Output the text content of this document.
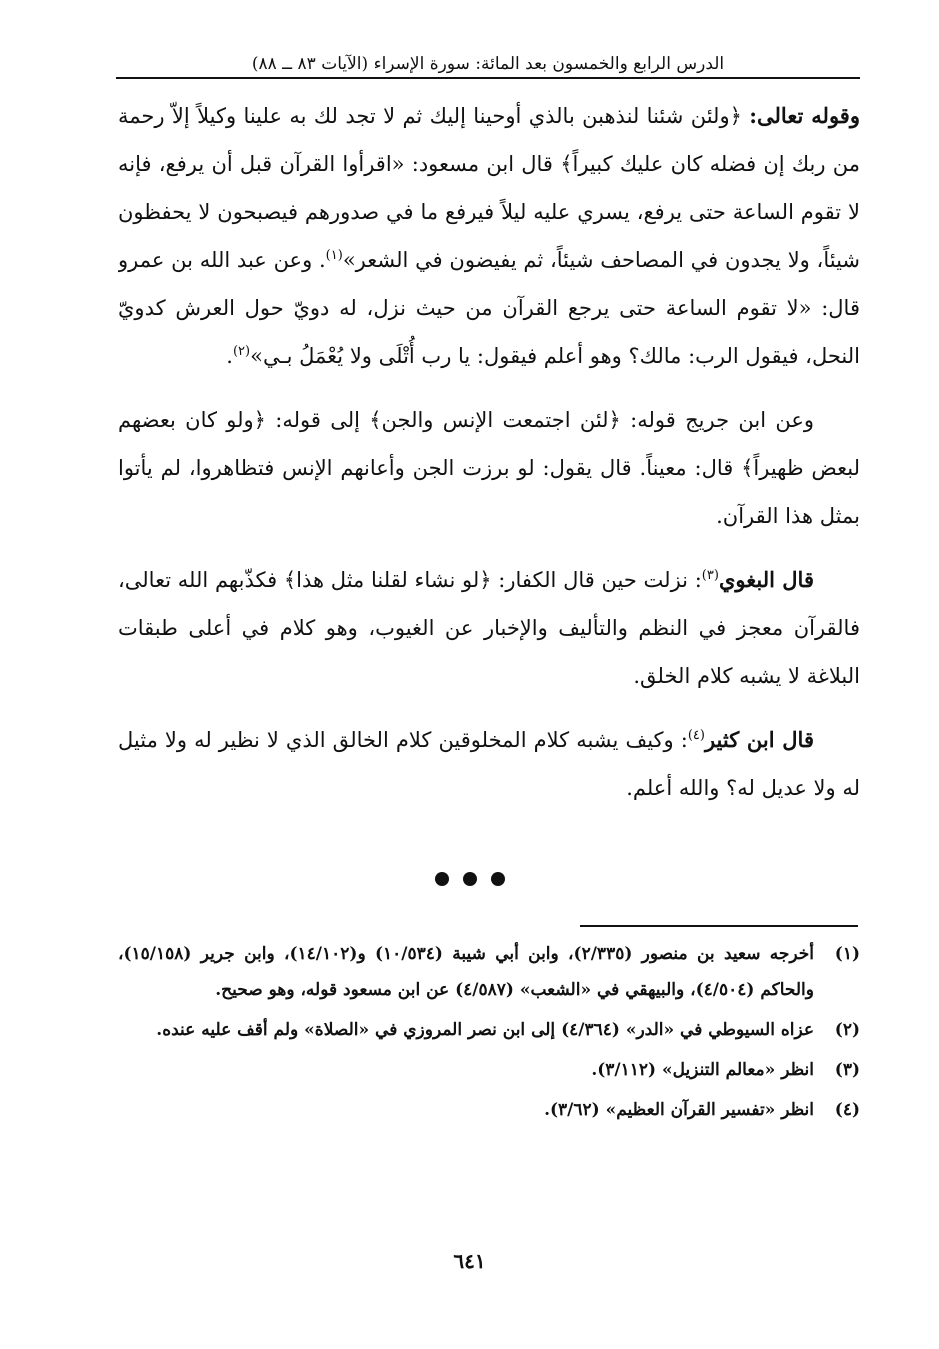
الدرس الرابع والخمسون بعد المائة: سورة الإسراء (الآيات ٨٣ ــ ٨٨)

وقوله تعالى: ﴿ولئن شئنا لنذهبن بالذي أوحينا إليك ثم لا تجد لك به علينا وكيلاً إلاّ رحمة من ربك إن فضله كان عليك كبيراً﴾ قال ابن مسعود: «اقرأوا القرآن قبل أن يرفع، فإنه لا تقوم الساعة حتى يرفع، يسري عليه ليلاً فيرفع ما في صدورهم فيصبحون لا يحفظون شيئاً، ولا يجدون في المصاحف شيئاً، ثم يفيضون في الشعر»$^{(١)}$. وعن عبد الله بن عمرو قال: «لا تقوم الساعة حتى يرجع القرآن من حيث نزل، له دويّ حول العرش كدويّ النحل، فيقول الرب: مالك؟ وهو أعلم فيقول: يا رب أُتْلَى ولا يُعْمَلُ بـي»$^{(٢)}$.

وعن ابن جريج قوله: ﴿لئن اجتمعت الإنس والجن﴾ إلى قوله: ﴿ولو كان بعضهم لبعض ظهيراً﴾ قال: معيناً. قال يقول: لو برزت الجن وأعانهم الإنس فتظاهروا، لم يأتوا بمثل هذا القرآن.

قال البغوي$^{(٣)}$: نزلت حين قال الكفار: ﴿لو نشاء لقلنا مثل هذا﴾ فكذّبهم الله تعالى، فالقرآن معجز في النظم والتأليف والإخبار عن الغيوب، وهو كلام في أعلى طبقات البلاغة لا يشبه كلام الخلق.

قال ابن كثير$^{(٤)}$: وكيف يشبه كلام المخلوقين كلام الخالق الذي لا نظير له ولا مثيل له ولا عديل له؟ والله أعلم.

(١)
أخرجه سعيد بن منصور (٢/٣٣٥)، وابن أبي شيبة (١٠/٥٣٤) و(١٤/١٠٢)، وابن جرير (١٥/١٥٨)، والحاكم (٤/٥٠٤)، والبيهقي في «الشعب» (٤/٥٨٧) عن ابن مسعود قوله، وهو صحيح.
(٢)
عزاه السيوطي في «الدر» (٤/٣٦٤) إلى ابن نصر المروزي في «الصلاة» ولم أقف عليه عنده.
(٣)
انظر «معالم التنزيل» (٣/١١٢).
(٤)
انظر «تفسير القرآن العظيم» (٣/٦٢).
٦٤١
